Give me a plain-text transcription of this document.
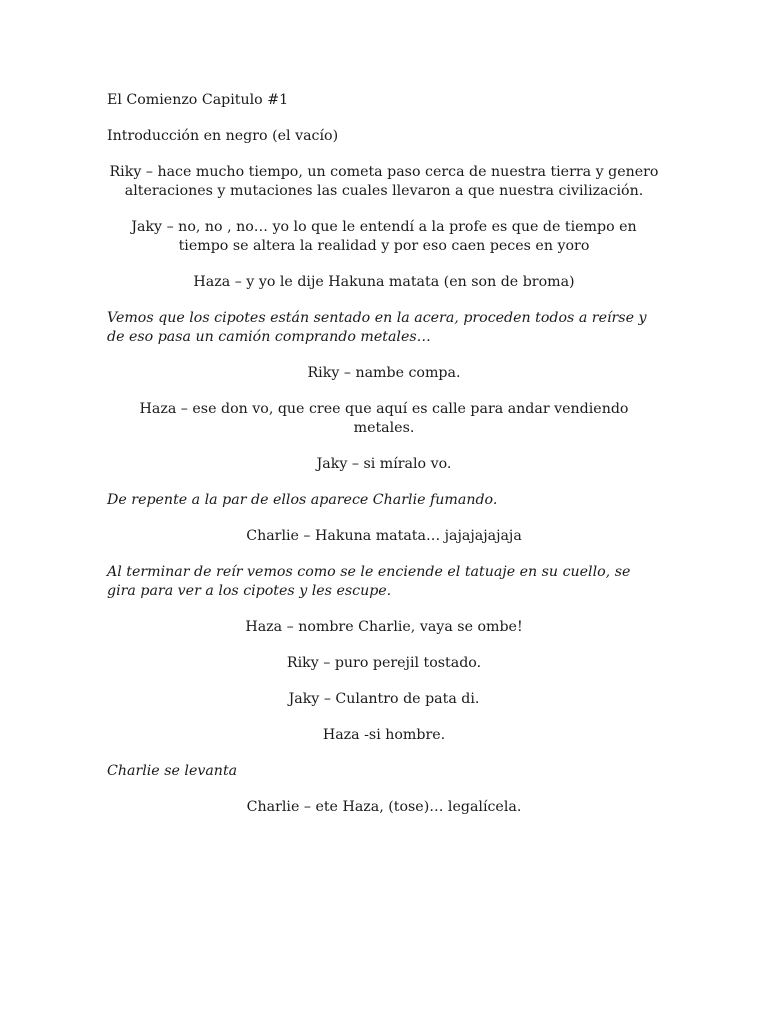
El Comienzo Capitulo #1

Introducción en negro (el vacío)

Riky – hace mucho tiempo, un cometa paso cerca de nuestra tierra y genero alteraciones y mutaciones las cuales llevaron a que nuestra civilización.

Jaky – no, no , no… yo lo que le entendí a la profe es que de tiempo en tiempo se altera la realidad y por eso caen peces en yoro

Haza – y yo le dije Hakuna matata (en son de broma)

Vemos que los cipotes están sentado en la acera, proceden todos a reírse y de eso pasa un camión comprando metales…

Riky – nambe compa.

Haza – ese don vo, que cree que aquí es calle para andar vendiendo metales.

Jaky – si míralo vo.

De repente a la par de ellos aparece Charlie fumando.

Charlie – Hakuna matata… jajajajajaja

Al terminar de reír vemos como se le enciende el tatuaje en su cuello, se gira para ver a los cipotes y les escupe.

Haza – nombre Charlie, vaya se ombe!

Riky – puro perejil tostado.

Jaky – Culantro de pata di.

Haza -si hombre.

Charlie se levanta

Charlie – ete Haza, (tose)… legalícela.
